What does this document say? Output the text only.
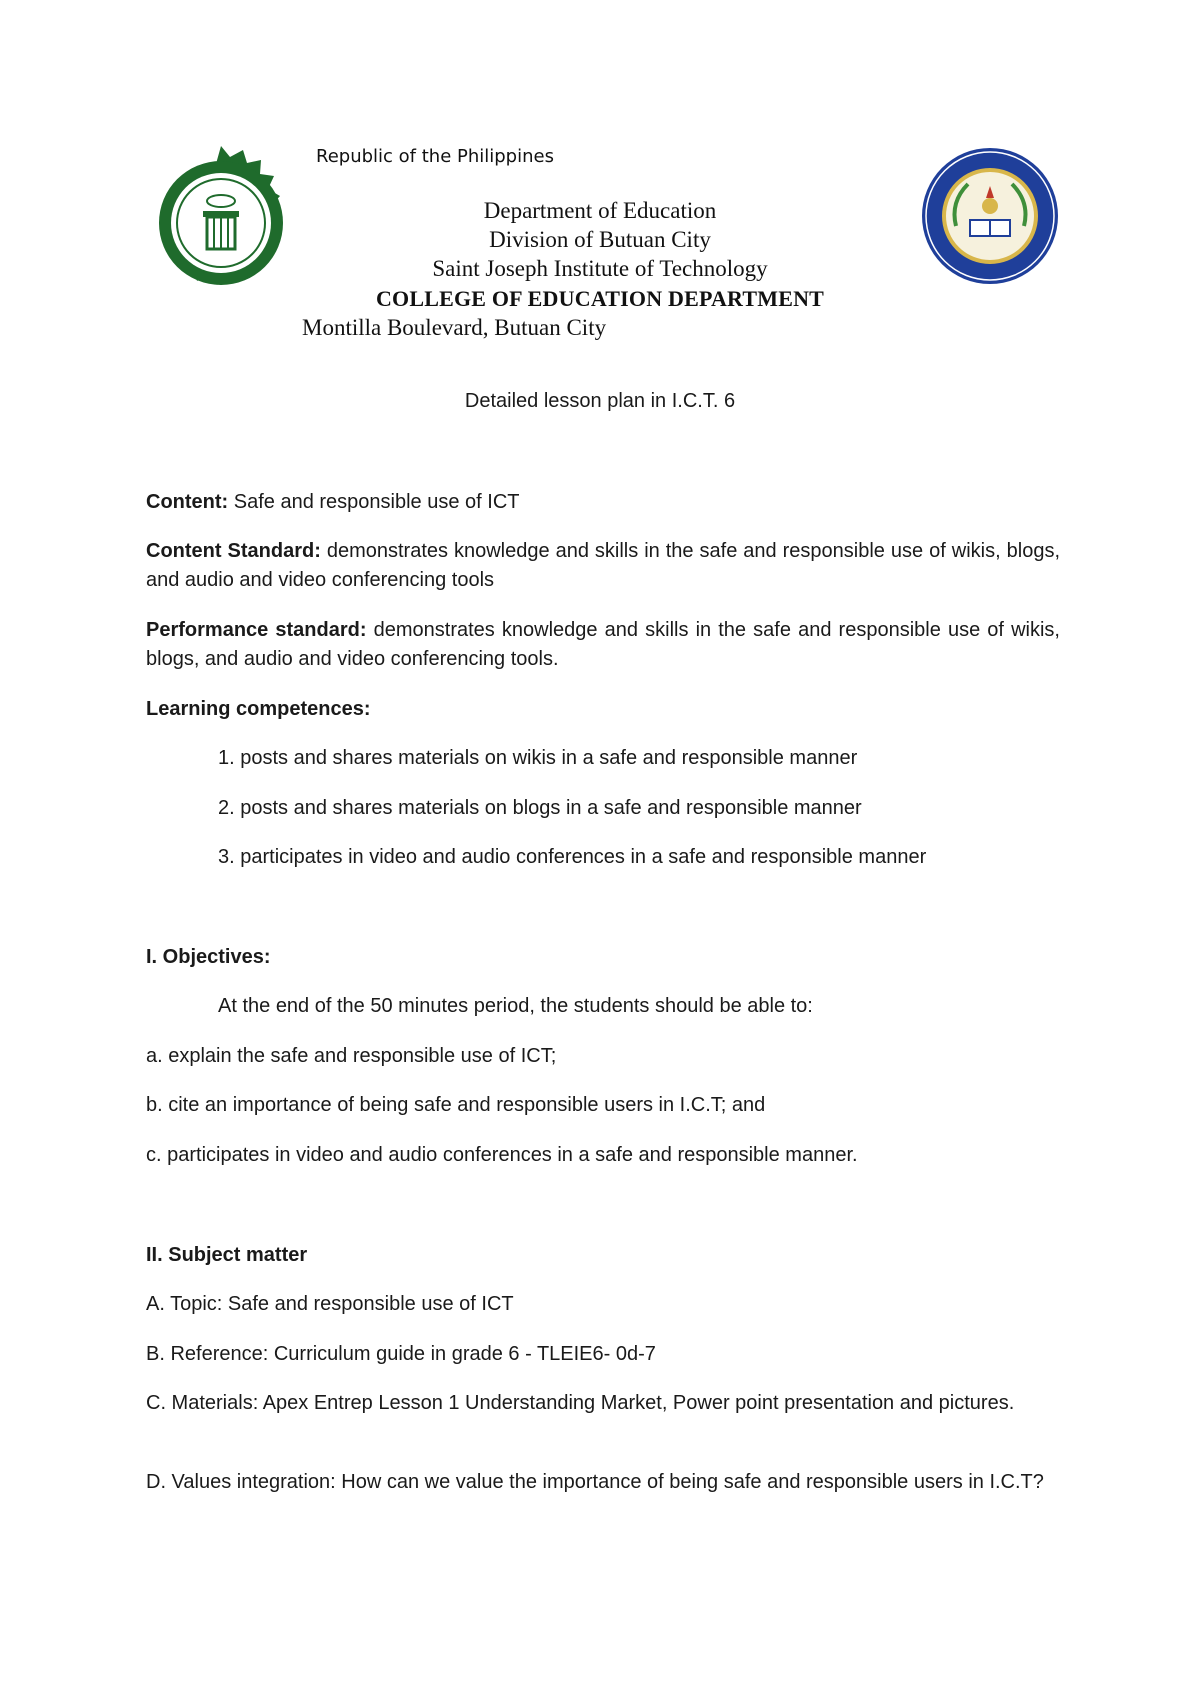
Republic of the Philippines
Department of Education
Division of Butuan City
Saint Joseph Institute of Technology
COLLEGE OF EDUCATION DEPARTMENT
Montilla Boulevard, Butuan City
Detailed lesson plan in I.C.T. 6
Content: Safe and responsible use of ICT
Content Standard: demonstrates knowledge and skills in the safe and responsible use of wikis, blogs, and audio and video conferencing tools
Performance standard: demonstrates knowledge and skills in the safe and responsible use of wikis, blogs, and audio and video conferencing tools.
Learning competences:
1. posts and shares materials on wikis in a safe and responsible manner
2. posts and shares materials on blogs in a safe and responsible manner
3. participates in video and audio conferences in a safe and responsible manner
I. Objectives:
At the end of the 50 minutes period, the students should be able to:
a. explain the safe and responsible use of ICT;
b. cite an importance of being safe and responsible users in I.C.T; and
c. participates in video and audio conferences in a safe and responsible manner.
II. Subject matter
A. Topic: Safe and responsible use of ICT
B. Reference: Curriculum guide in grade 6 - TLEIE6- 0d-7
C. Materials: Apex Entrep Lesson 1 Understanding Market, Power point presentation and pictures.
D. Values integration: How can we value the importance of being safe and responsible users in I.C.T?
